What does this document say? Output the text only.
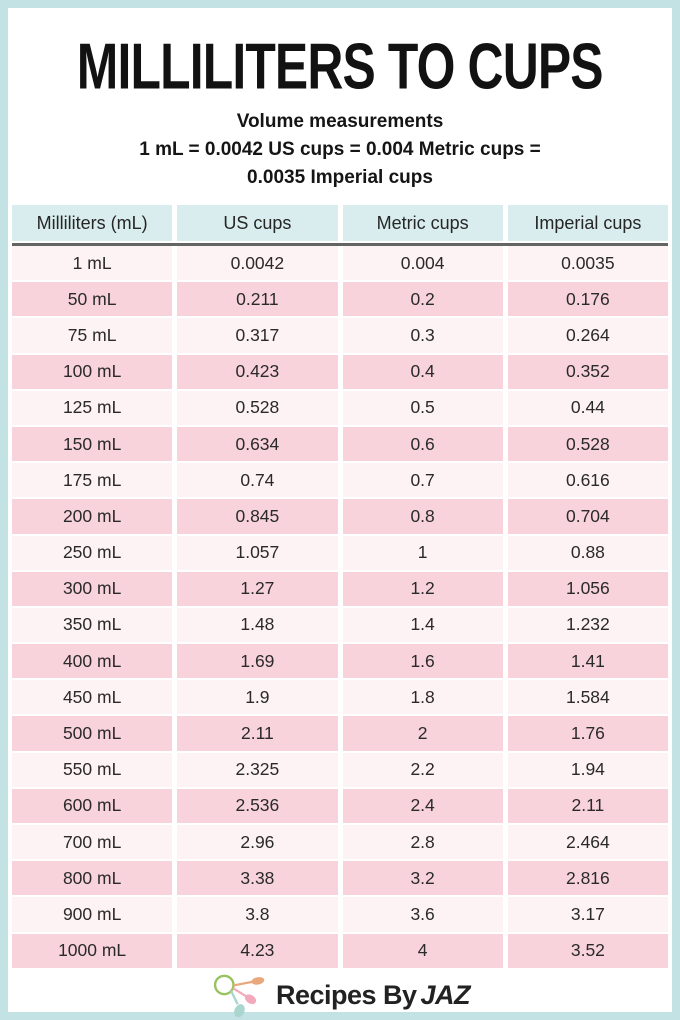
MILLILITERS TO CUPS
Volume measurements
1 mL = 0.0042 US cups = 0.004 Metric cups =
0.0035 Imperial cups
Milliliters (mL)	US cups	Metric cups	Imperial cups
1 mL	0.0042	0.004	0.0035
50 mL	0.211	0.2	0.176
75 mL	0.317	0.3	0.264
100 mL	0.423	0.4	0.352
125 mL	0.528	0.5	0.44
150 mL	0.634	0.6	0.528
175 mL	0.74	0.7	0.616
200 mL	0.845	0.8	0.704
250 mL	1.057	1	0.88
300 mL	1.27	1.2	1.056
350 mL	1.48	1.4	1.232
400 mL	1.69	1.6	1.41
450 mL	1.9	1.8	1.584
500 mL	2.11	2	1.76
550 mL	2.325	2.2	1.94
600 mL	2.536	2.4	2.11
700 mL	2.96	2.8	2.464
800 mL	3.38	3.2	2.816
900 mL	3.8	3.6	3.17
1000 mL	4.23	4	3.52
Recipes By JAZ
